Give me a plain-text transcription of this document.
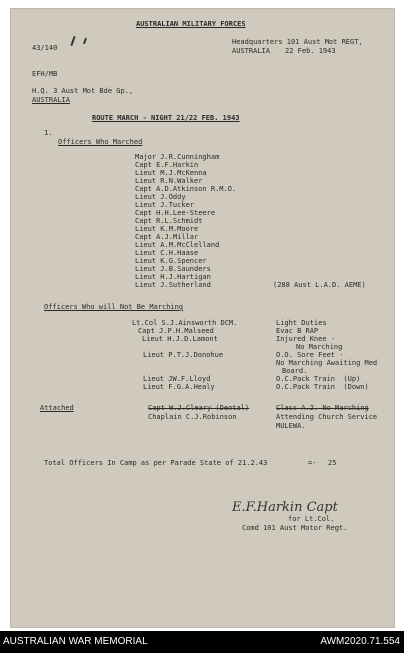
AUSTRALIAN MILITARY FORCES
43/140
Headquarters 101 Aust Mot REGT,
AUSTRALIA 22 Feb. 1943
EFH/MB
H.Q. 3 Aust Mot Bde Gp.,
AUSTRALIA
ROUTE MARCH - NIGHT 21/22 FEB. 1943
1.
Officers Who Marched
Major J.R.Cunningham
Capt E.F.Harkin
Lieut M.J.McKenna
Lieut R.N.Walker
Capt A.D.Atkinson R.M.O.
Lieut J.Oddy
Lieut J.Tucker
Capt H.H.Lee-Steere
Capt R.L.Schmidt
Lieut K.M.Moore
Capt A.J.Millar
Lieut A.M.McClelland
Lieut C.H.Haase
Lieut K.G.Spencer
Lieut J.B.Saunders
Lieut H.J.Hartigan
Lieut J.Sutherland	(288 Aust L.A.D. AEME)
Officers Who will Not Be Marching
Lt.Col S.J.Ainsworth DCM.	Light Duties
Capt J.P.H.Malseed	Evac B RAP
Lieut H.J.D.Lamont	Injured Knee -
No Marching
Lieut P.T.J.Donohue	O.O. Sore Feet -
No Marching Awaiting Med
Board.
Lieut JW.F.Lloyd	O.C.Pack Train  (Up)
Lieut F.G.A.Healy	O.C.Pack Train  (Down)
Attached	Capt W.J.Cleary (Dental)	Class A.2. No Marching
Chaplain C.J.Robinson	Attending Church Service
MULEWA.
Total Officers In Camp as per Parade State of 21.2.43	=- 25
E.F.Harkin Capt
for Lt.Col.
Comd 101 Aust Motor Regt.
AUSTRALIAN WAR MEMORIAL	AWM2020.71.554
